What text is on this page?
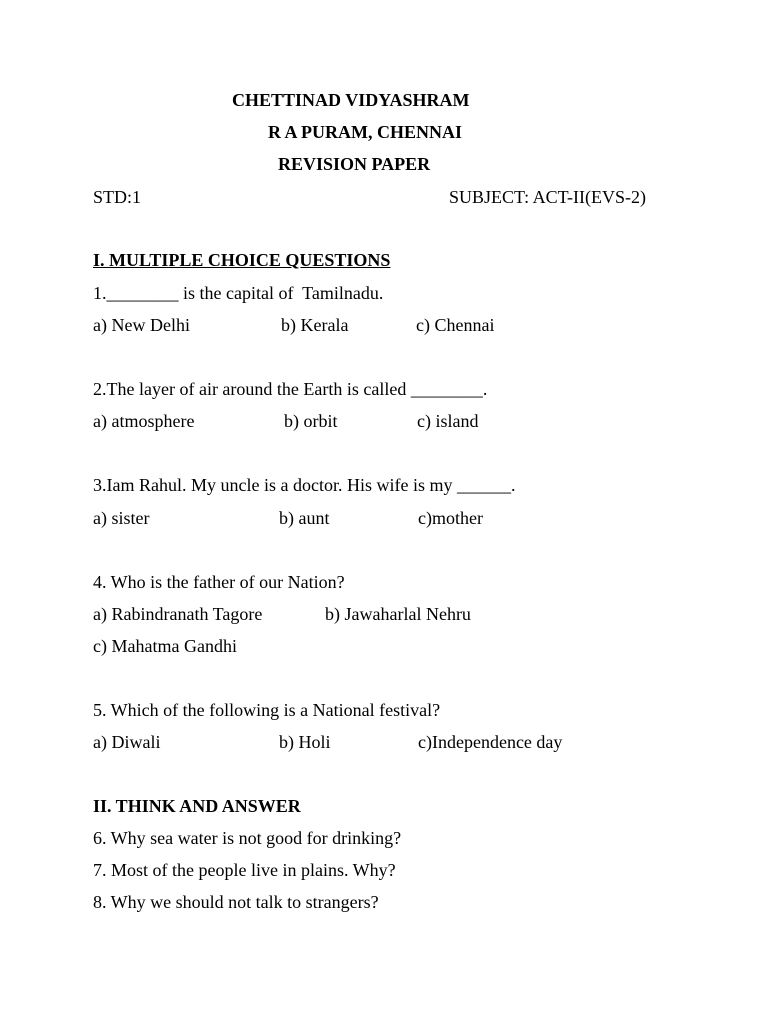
CHETTINAD VIDYASHRAM
R A PURAM, CHENNAI
REVISION PAPER
STD:1	SUBJECT: ACT-II(EVS-2)
I. MULTIPLE CHOICE QUESTIONS
1.________ is the capital of  Tamilnadu.
a) New Delhi	b) Kerala	c) Chennai
2.The layer of air around the Earth is called ________.
a) atmosphere	b) orbit	c) island
3.Iam Rahul. My uncle is a doctor. His wife is my ______.
a) sister	b) aunt	c)mother
4. Who is the father of our Nation?
a) Rabindranath Tagore	b) Jawaharlal Nehru
c) Mahatma Gandhi
5. Which of the following is a National festival?
a) Diwali	b) Holi	c)Independence day
II. THINK AND ANSWER
6. Why sea water is not good for drinking?
7. Most of the people live in plains. Why?
8. Why we should not talk to strangers?
